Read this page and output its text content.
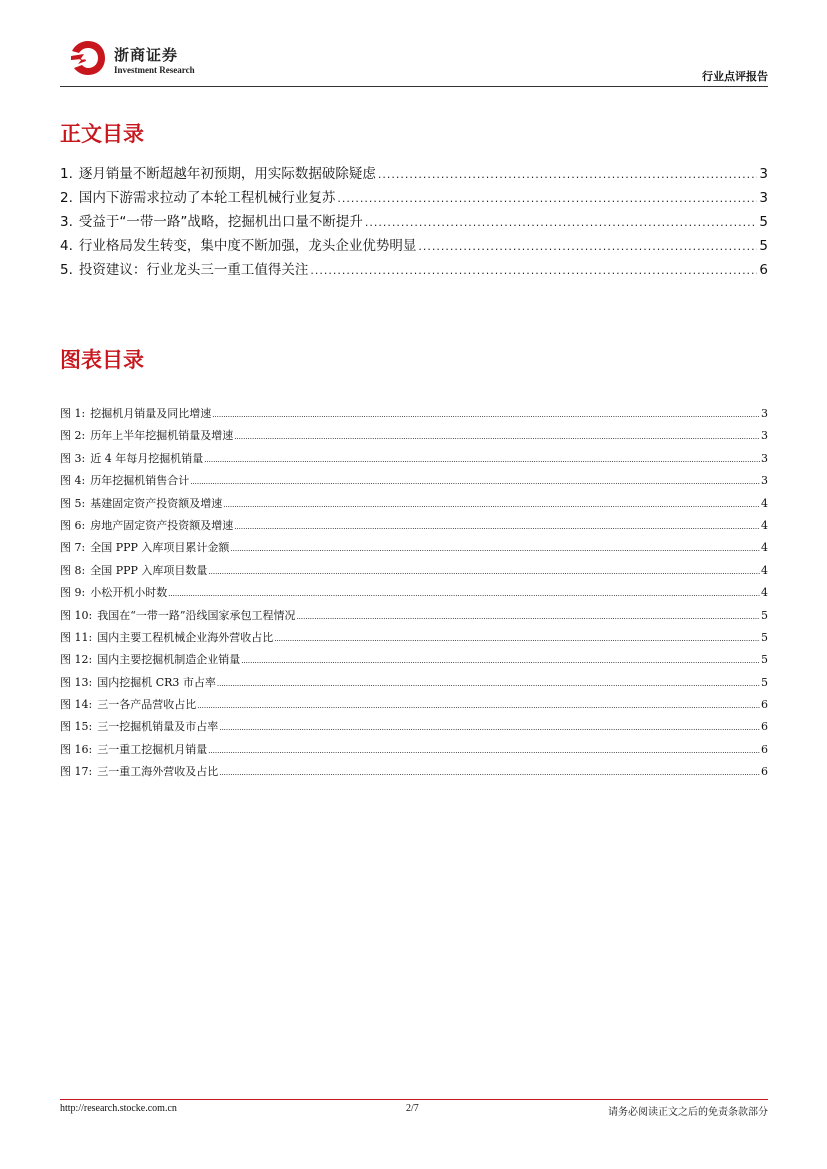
浙商证券
Investment Research	行业点评报告
正文目录
1. 逐月销量不断超越年初预期，用实际数据破除疑虑 .....	3
2. 国内下游需求拉动了本轮工程机械行业复苏 .....	3
3. 受益于“一带一路”战略，挖掘机出口量不断提升 .....	5
4. 行业格局发生转变，集中度不断加强，龙头企业优势明显 .....	5
5. 投资建议：行业龙头三一重工值得关注 .....	6
图表目录
图 1: 挖掘机月销量及同比增速 .....	3
图 2: 历年上半年挖掘机销量及增速 .....	3
图 3: 近 4 年每月挖掘机销量 .....	3
图 4: 历年挖掘机销售合计 .....	3
图 5: 基建固定资产投资额及增速 .....	4
图 6: 房地产固定资产投资额及增速 .....	4
图 7: 全国 PPP 入库项目累计金额 .....	4
图 8: 全国 PPP 入库项目数量 .....	4
图 9: 小松开机小时数 .....	4
图 10: 我国在“一带一路”沿线国家承包工程情况 .....	5
图 11: 国内主要工程机械企业海外营收占比 .....	5
图 12: 国内主要挖掘机制造企业销量 .....	5
图 13: 国内挖掘机 CR3 市占率 .....	5
图 14: 三一各产品营收占比 .....	6
图 15: 三一挖掘机销量及市占率 .....	6
图 16: 三一重工挖掘机月销量 .....	6
图 17: 三一重工海外营收及占比 .....	6
http://research.stocke.com.cn	2/7	请务必阅读正文之后的免责条款部分
